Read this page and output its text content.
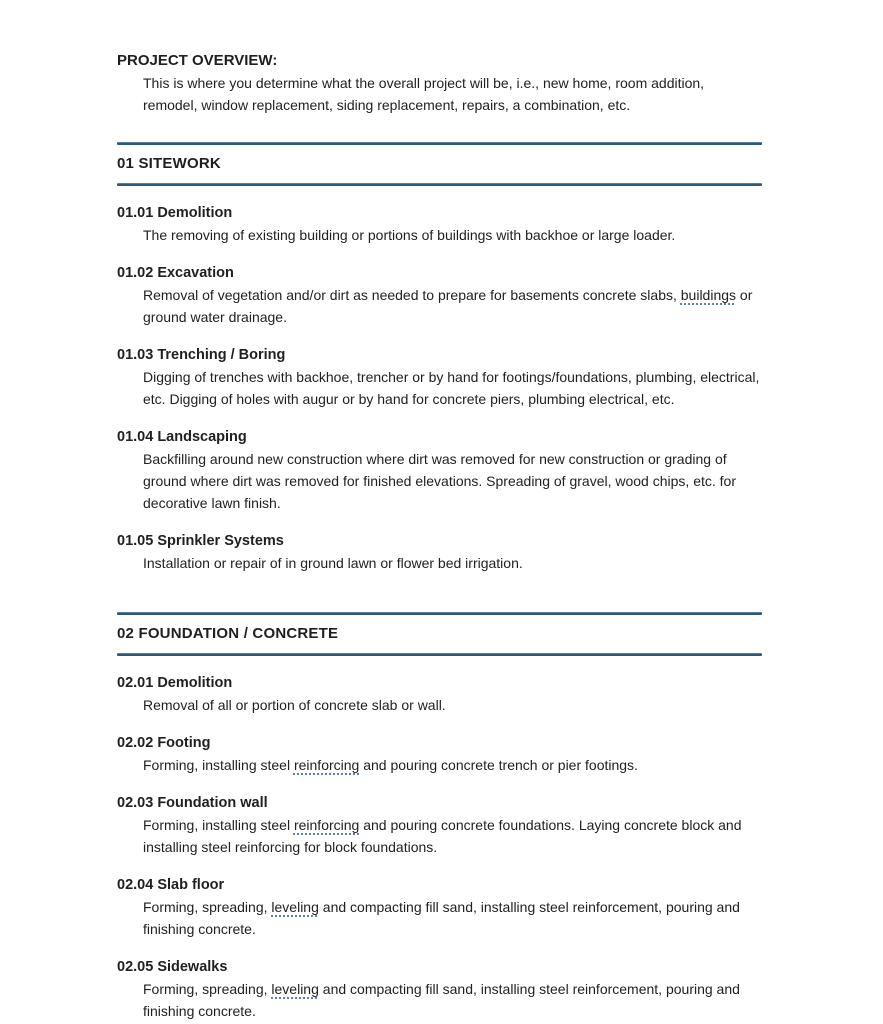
PROJECT OVERVIEW:

This is where you determine what the overall project will be, i.e., new home, room addition, remodel, window replacement, siding replacement, repairs, a combination, etc.

01 SITEWORK
01.01 Demolition

The removing of existing building or portions of buildings with backhoe or large loader.

01.02 Excavation

Removal of vegetation and/or dirt as needed to prepare for basements concrete slabs, buildings or ground water drainage.

01.03 Trenching / Boring

Digging of trenches with backhoe, trencher or by hand for footings/foundations, plumbing, electrical, etc. Digging of holes with augur or by hand for concrete piers, plumbing electrical, etc.

01.04 Landscaping

Backfilling around new construction where dirt was removed for new construction or grading of ground where dirt was removed for finished elevations. Spreading of gravel, wood chips, etc. for decorative lawn finish.

01.05 Sprinkler Systems

Installation or repair of in ground lawn or flower bed irrigation.

02 FOUNDATION / CONCRETE
02.01 Demolition

Removal of all or portion of concrete slab or wall.

02.02 Footing

Forming, installing steel reinforcing and pouring concrete trench or pier footings.

02.03 Foundation wall

Forming, installing steel reinforcing and pouring concrete foundations. Laying concrete block and installing steel reinforcing for block foundations.

02.04 Slab floor

Forming, spreading, leveling and compacting fill sand, installing steel reinforcement, pouring and finishing concrete.

02.05 Sidewalks

Forming, spreading, leveling and compacting fill sand, installing steel reinforcement, pouring and finishing concrete.
